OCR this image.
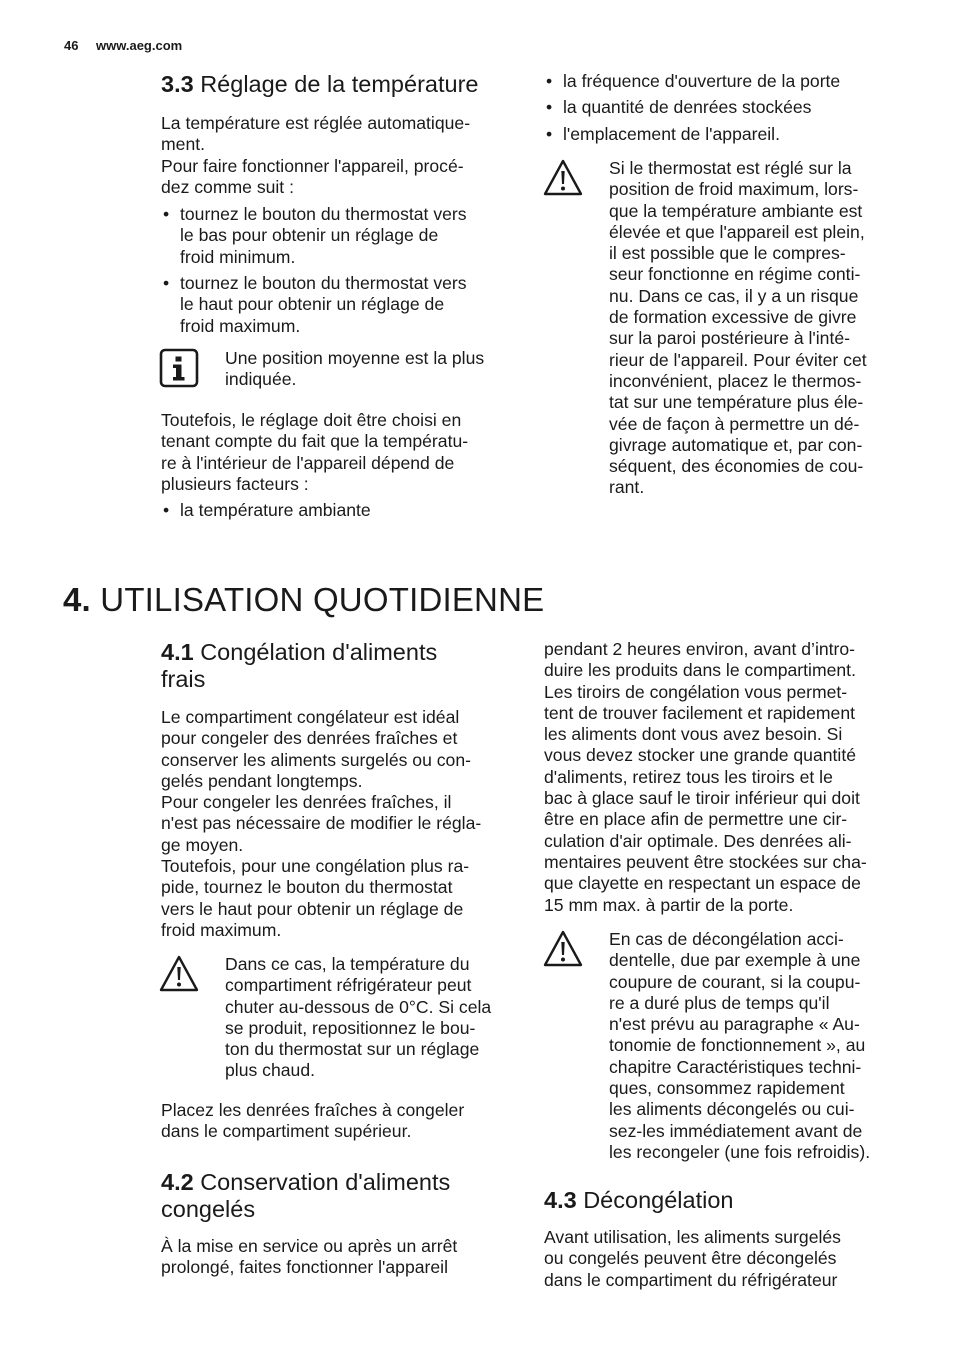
46 www.aeg.com
3.3 Réglage de la température

La température est réglée automatique-
ment.
Pour faire fonctionner l'appareil, procé-
dez comme suit :

• tournez le bouton du thermostat vers
le bas pour obtenir un réglage de
froid minimum.
• tournez le bouton du thermostat vers
le haut pour obtenir un réglage de
froid maximum.
Une position moyenne est la plus
indiquée.

Toutefois, le réglage doit être choisi en
tenant compte du fait que la températu-
re à l'intérieur de l'appareil dépend de
plusieurs facteurs :

• la température ambiante
• la fréquence d'ouverture de la porte
• la quantité de denrées stockées
• l'emplacement de l'appareil.
Si le thermostat est réglé sur la
position de froid maximum, lors-
que la température ambiante est
élevée et que l'appareil est plein,
il est possible que le compres-
seur fonctionne en régime conti-
nu. Dans ce cas, il y a un risque
de formation excessive de givre
sur la paroi postérieure à l'inté-
rieur de l'appareil. Pour éviter cet
inconvénient, placez le thermos-
tat sur une température plus éle-
vée de façon à permettre un dé-
givrage automatique et, par con-
séquent, des économies de cou-
rant.
4. UTILISATION QUOTIDIENNE
4.1 Congélation d'aliments
frais

Le compartiment congélateur est idéal
pour congeler des denrées fraîches et
conserver les aliments surgelés ou con-
gelés pendant longtemps.
Pour congeler les denrées fraîches, il
n'est pas nécessaire de modifier le régla-
ge moyen.
Toutefois, pour une congélation plus ra-
pide, tournez le bouton du thermostat
vers le haut pour obtenir un réglage de
froid maximum.

Dans ce cas, la température du
compartiment réfrigérateur peut
chuter au-dessous de 0°C. Si cela
se produit, repositionnez le bou-
ton du thermostat sur un réglage
plus chaud.

Placez les denrées fraîches à congeler
dans le compartiment supérieur.

4.2 Conservation d'aliments
congelés

À la mise en service ou après un arrêt
prolongé, faites fonctionner l'appareil

pendant 2 heures environ, avant d’intro-
duire les produits dans le compartiment.
Les tiroirs de congélation vous permet-
tent de trouver facilement et rapidement
les aliments dont vous avez besoin. Si
vous devez stocker une grande quantité
d'aliments, retirez tous les tiroirs et le
bac à glace sauf le tiroir inférieur qui doit
être en place afin de permettre une cir-
culation d'air optimale. Des denrées ali-
mentaires peuvent être stockées sur cha-
que clayette en respectant un espace de
15 mm max. à partir de la porte.

En cas de décongélation acci-
dentelle, due par exemple à une
coupure de courant, si la coupu-
re a duré plus de temps qu'il
n'est prévu au paragraphe « Au-
tonomie de fonctionnement », au
chapitre Caractéristiques techni-
ques, consommez rapidement
les aliments décongelés ou cui-
sez-les immédiatement avant de
les recongeler (une fois refroidis).
4.3 Décongélation

Avant utilisation, les aliments surgelés
ou congelés peuvent être décongelés
dans le compartiment du réfrigérateur
